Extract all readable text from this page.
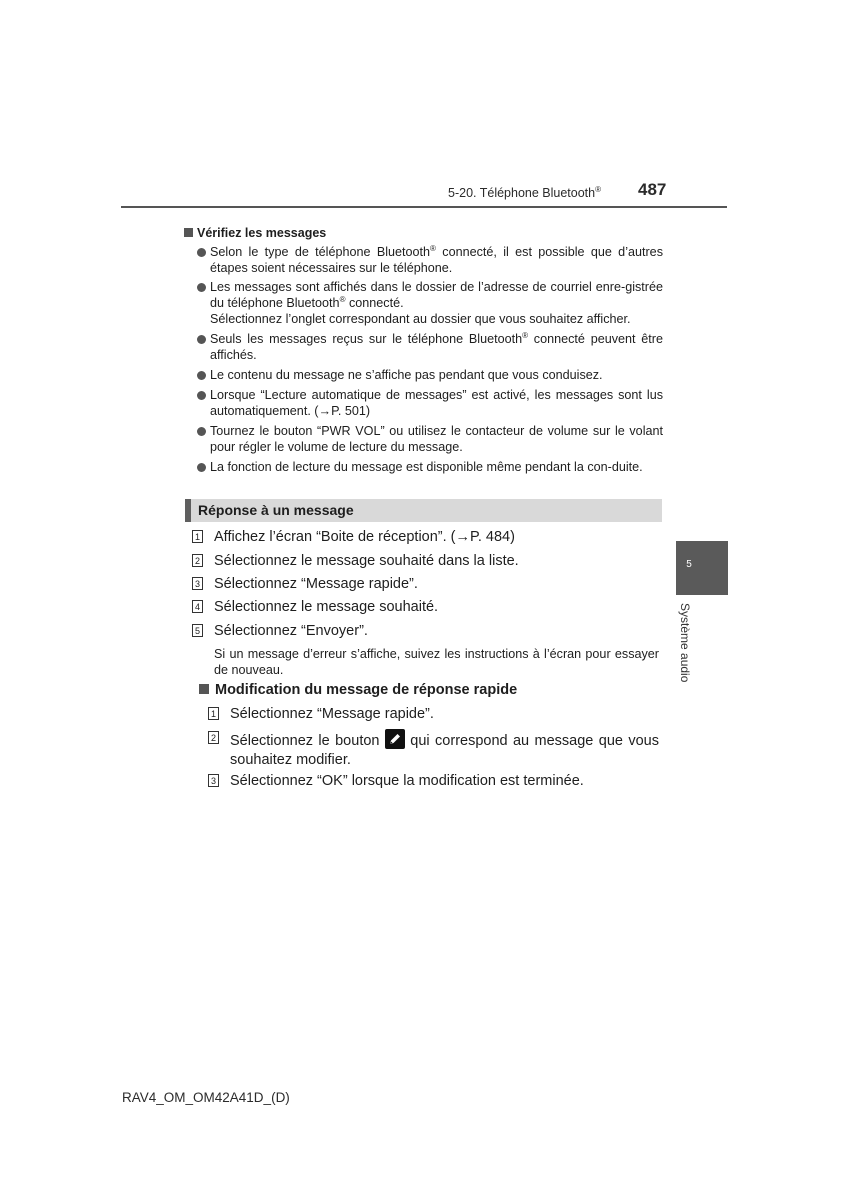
5-20. Téléphone Bluetooth® 487
Vérifiez les messages
Selon le type de téléphone Bluetooth® connecté, il est possible que d’autres étapes soient nécessaires sur le téléphone.
Les messages sont affichés dans le dossier de l’adresse de courriel enre-gistrée du téléphone Bluetooth® connecté.
Sélectionnez l’onglet correspondant au dossier que vous souhaitez afficher.
Seuls les messages reçus sur le téléphone Bluetooth® connecté peuvent être affichés.
Le contenu du message ne s’affiche pas pendant que vous conduisez.
Lorsque “Lecture automatique de messages” est activé, les messages sont lus automatiquement. (→P. 501)
Tournez le bouton “PWR VOL” ou utilisez le contacteur de volume sur le volant pour régler le volume de lecture du message.
La fonction de lecture du message est disponible même pendant la con-duite.
Réponse à un message
1 Affichez l’écran “Boite de réception”. (→P. 484)
2 Sélectionnez le message souhaité dans la liste.
3 Sélectionnez “Message rapide”.
4 Sélectionnez le message souhaité.
5 Sélectionnez “Envoyer”.
Si un message d’erreur s’affiche, suivez les instructions à l’écran pour essayer de nouveau.
Modification du message de réponse rapide
1 Sélectionnez “Message rapide”.
2 Sélectionnez le bouton qui correspond au message que vous souhaitez modifier.
3 Sélectionnez “OK” lorsque la modification est terminée.
5
Système audio
RAV4_OM_OM42A41D_(D)
